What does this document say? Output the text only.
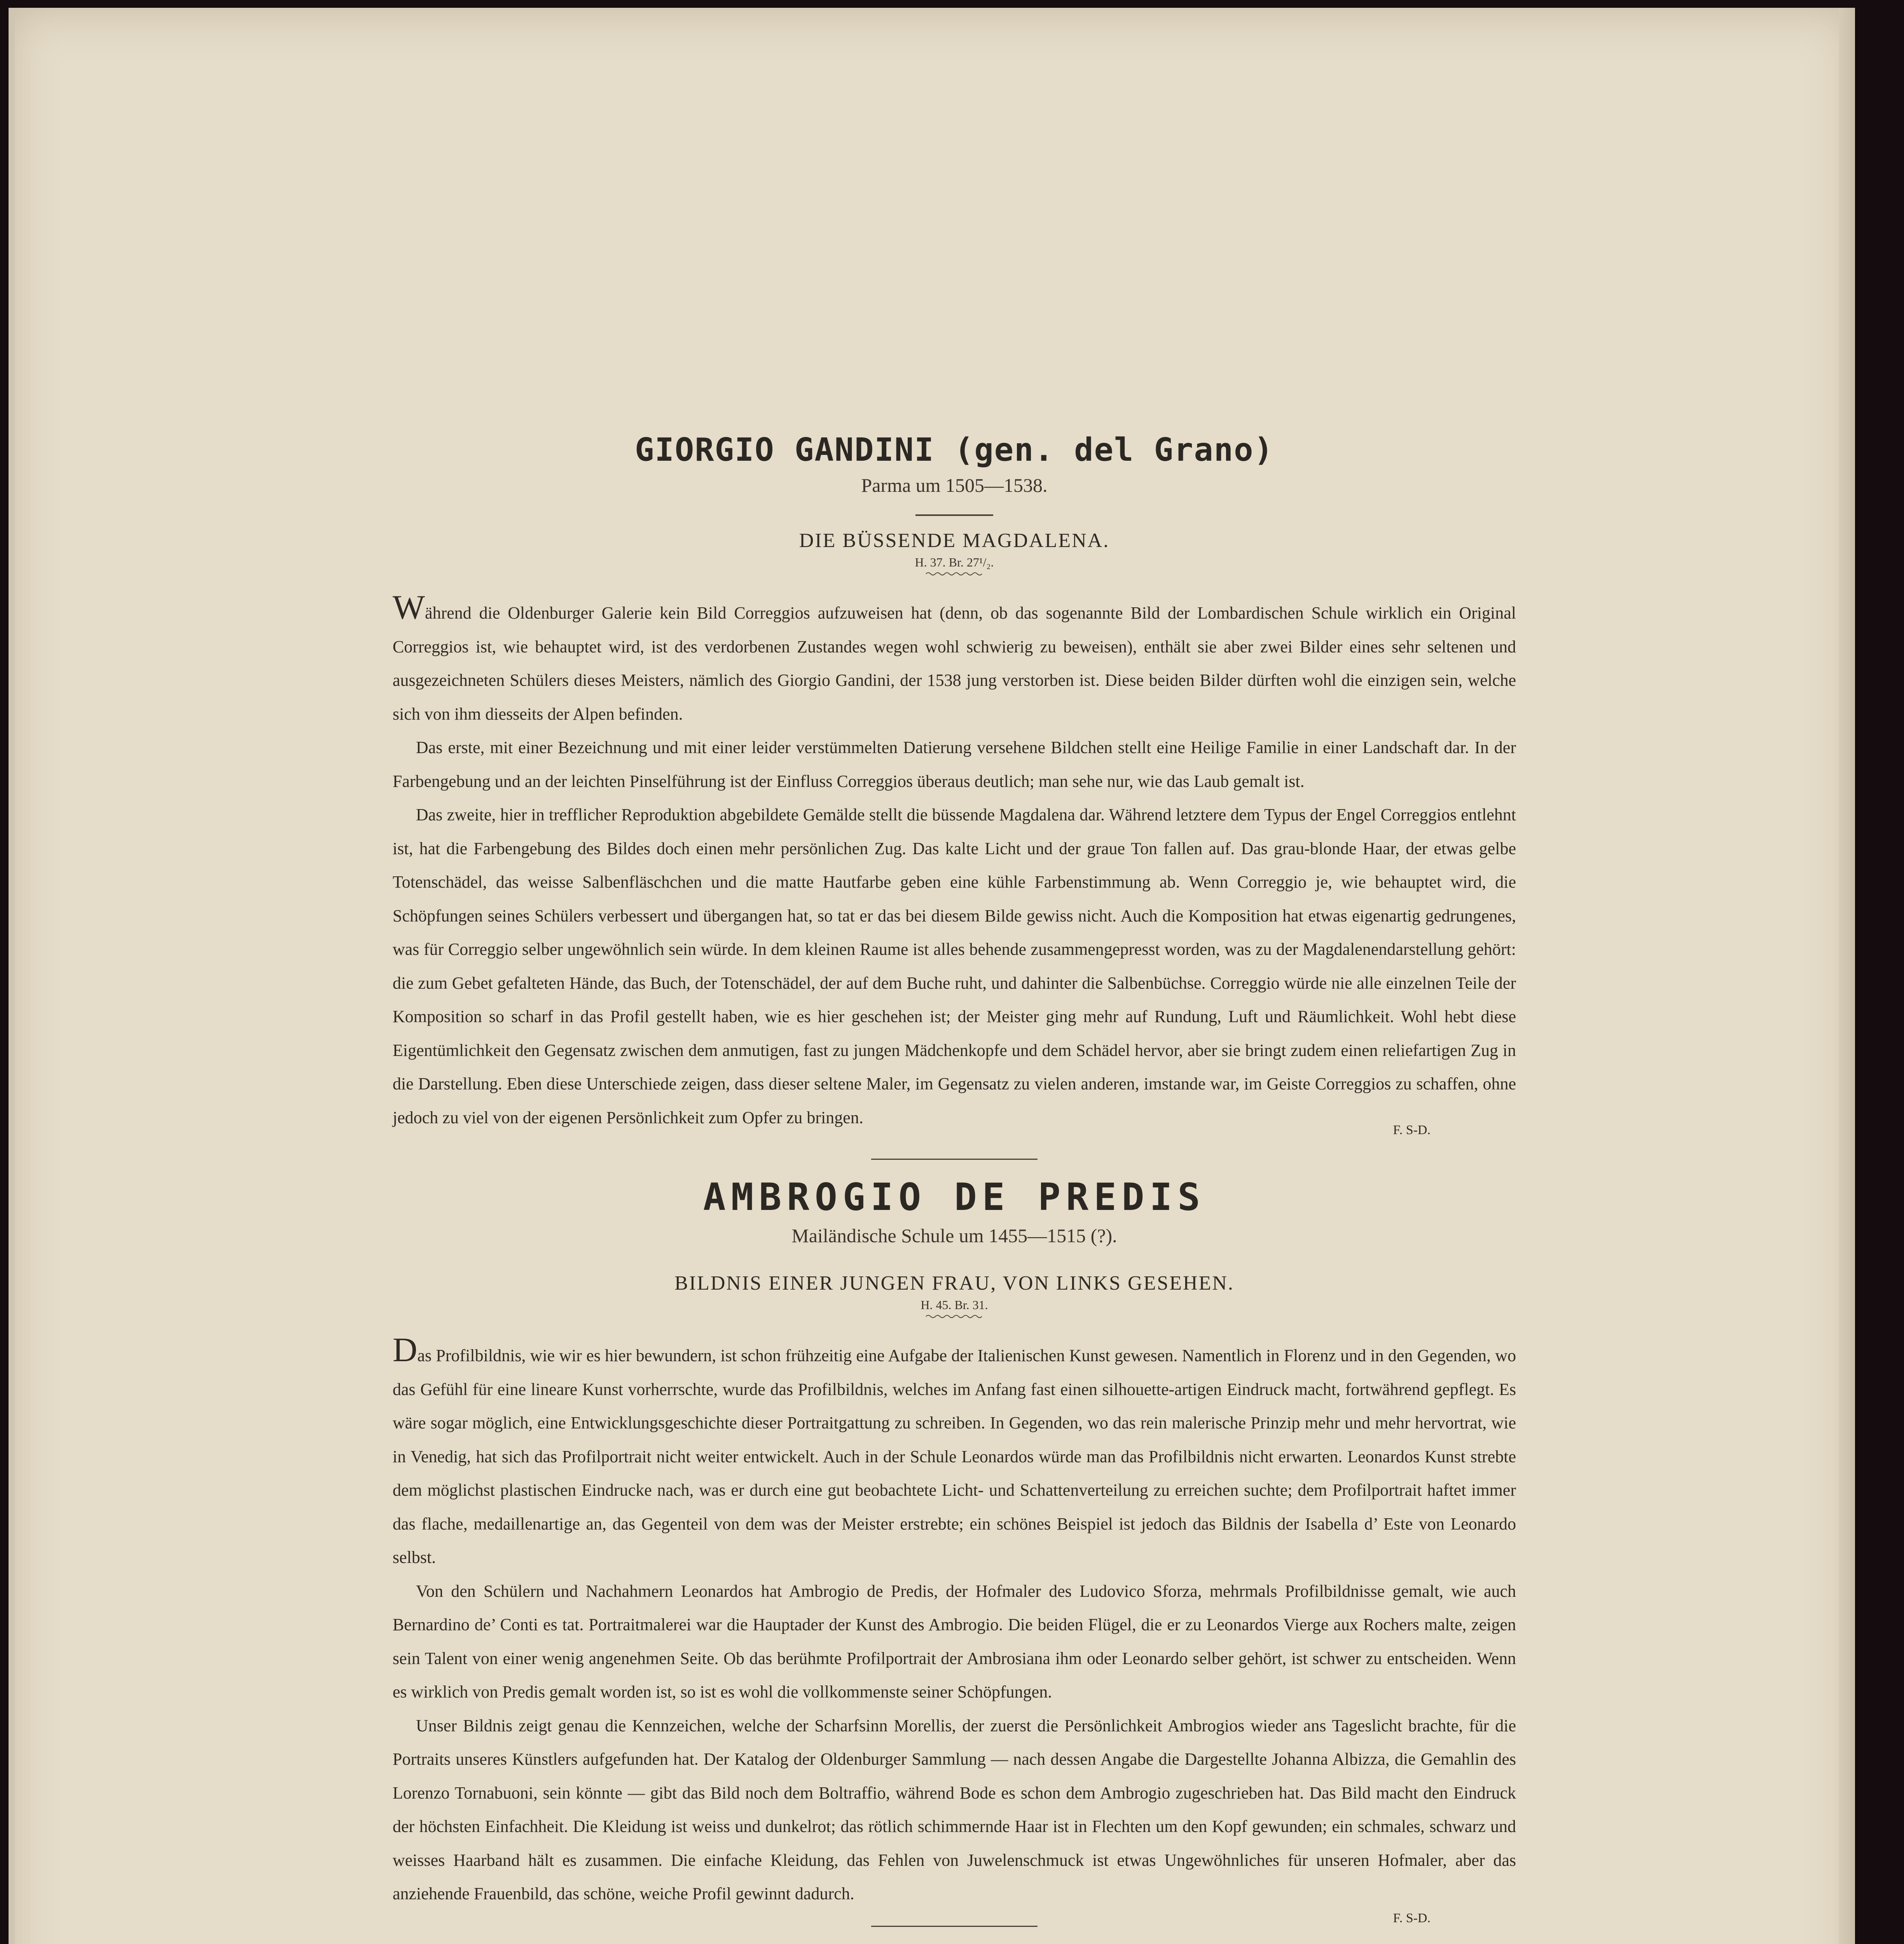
GIORGIO GANDINI (gen. del Grano)

Parma um 1505—1538.

DIE BÜSSENDE MAGDALENA.

H. 37. Br. 27¹/₂.

Während die Oldenburger Galerie kein Bild Correggios aufzuweisen hat (denn, ob das sogenannte Bild der Lombardischen Schule wirklich ein Original Correggios ist, wie behauptet wird, ist des verdorbenen Zustandes wegen wohl schwierig zu beweisen), enthält sie aber zwei Bilder eines sehr seltenen und ausgezeichneten Schülers dieses Meisters, nämlich des Giorgio Gandini, der 1538 jung verstorben ist. Diese beiden Bilder dürften wohl die einzigen sein, welche sich von ihm diesseits der Alpen befinden.

Das erste, mit einer Bezeichnung und mit einer leider verstümmelten Datierung versehene Bildchen stellt eine Heilige Familie in einer Landschaft dar. In der Farbengebung und an der leichten Pinselführung ist der Einfluss Correggios überaus deutlich; man sehe nur, wie das Laub gemalt ist.

Das zweite, hier in trefflicher Reproduktion abgebildete Gemälde stellt die büssende Magdalena dar. Während letztere dem Typus der Engel Correggios entlehnt ist, hat die Farbengebung des Bildes doch einen mehr persönlichen Zug. Das kalte Licht und der graue Ton fallen auf. Das grau-blonde Haar, der etwas gelbe Totenschädel, das weisse Salbenfläschchen und die matte Hautfarbe geben eine kühle Farbenstimmung ab. Wenn Correggio je, wie behauptet wird, die Schöpfungen seines Schülers verbessert und übergangen hat, so tat er das bei diesem Bilde gewiss nicht. Auch die Komposition hat etwas eigenartig gedrungenes, was für Correggio selber ungewöhnlich sein würde. In dem kleinen Raume ist alles behende zusammengepresst worden, was zu der Magdalenendarstellung gehört: die zum Gebet gefalteten Hände, das Buch, der Totenschädel, der auf dem Buche ruht, und dahinter die Salbenbüchse. Correggio würde nie alle einzelnen Teile der Komposition so scharf in das Profil gestellt haben, wie es hier geschehen ist; der Meister ging mehr auf Rundung, Luft und Räumlichkeit. Wohl hebt diese Eigentümlichkeit den Gegensatz zwischen dem anmutigen, fast zu jungen Mädchenkopfe und dem Schädel hervor, aber sie bringt zudem einen reliefartigen Zug in die Darstellung. Eben diese Unterschiede zeigen, dass dieser seltene Maler, im Gegensatz zu vielen anderen, imstande war, im Geiste Correggios zu schaffen, ohne jedoch zu viel von der eigenen Persönlichkeit zum Opfer zu bringen.

F. S-D.
AMBROGIO DE PREDIS

Mailändische Schule um 1455—1515 (?).

BILDNIS EINER JUNGEN FRAU, VON LINKS GESEHEN.

H. 45. Br. 31.

Das Profilbildnis, wie wir es hier bewundern, ist schon frühzeitig eine Aufgabe der Italienischen Kunst gewesen. Namentlich in Florenz und in den Gegenden, wo das Gefühl für eine lineare Kunst vorherrschte, wurde das Profilbildnis, welches im Anfang fast einen silhouette-artigen Eindruck macht, fortwährend gepflegt. Es wäre sogar möglich, eine Entwicklungsgeschichte dieser Portraitgattung zu schreiben. In Gegenden, wo das rein malerische Prinzip mehr und mehr hervortrat, wie in Venedig, hat sich das Profilportrait nicht weiter entwickelt. Auch in der Schule Leonardos würde man das Profilbildnis nicht erwarten. Leonardos Kunst strebte dem möglichst plastischen Eindrucke nach, was er durch eine gut beobachtete Licht- und Schattenverteilung zu erreichen suchte; dem Profilportrait haftet immer das flache, medaillenartige an, das Gegenteil von dem was der Meister erstrebte; ein schönes Beispiel ist jedoch das Bildnis der Isabella d’ Este von Leonardo selbst.

Von den Schülern und Nachahmern Leonardos hat Ambrogio de Predis, der Hofmaler des Ludovico Sforza, mehrmals Profilbildnisse gemalt, wie auch Bernardino de’ Conti es tat. Portraitmalerei war die Hauptader der Kunst des Ambrogio. Die beiden Flügel, die er zu Leonardos Vierge aux Rochers malte, zeigen sein Talent von einer wenig angenehmen Seite. Ob das berühmte Profilportrait der Ambrosiana ihm oder Leonardo selber gehört, ist schwer zu entscheiden. Wenn es wirklich von Predis gemalt worden ist, so ist es wohl die vollkommenste seiner Schöpfungen.

Unser Bildnis zeigt genau die Kennzeichen, welche der Scharfsinn Morellis, der zuerst die Persönlichkeit Ambrogios wieder ans Tageslicht brachte, für die Portraits unseres Künstlers aufgefunden hat. Der Katalog der Oldenburger Sammlung — nach dessen Angabe die Dargestellte Johanna Albizza, die Gemahlin des Lorenzo Tornabuoni, sein könnte — gibt das Bild noch dem Boltraffio, während Bode es schon dem Ambrogio zugeschrieben hat. Das Bild macht den Eindruck der höchsten Einfachheit. Die Kleidung ist weiss und dunkelrot; das rötlich schimmernde Haar ist in Flechten um den Kopf gewunden; ein schmales, schwarz und weisses Haarband hält es zusammen. Die einfache Kleidung, das Fehlen von Juwelenschmuck ist etwas Ungewöhnliches für unseren Hofmaler, aber das anziehende Frauenbild, das schöne, weiche Profil gewinnt dadurch.

F. S-D.
